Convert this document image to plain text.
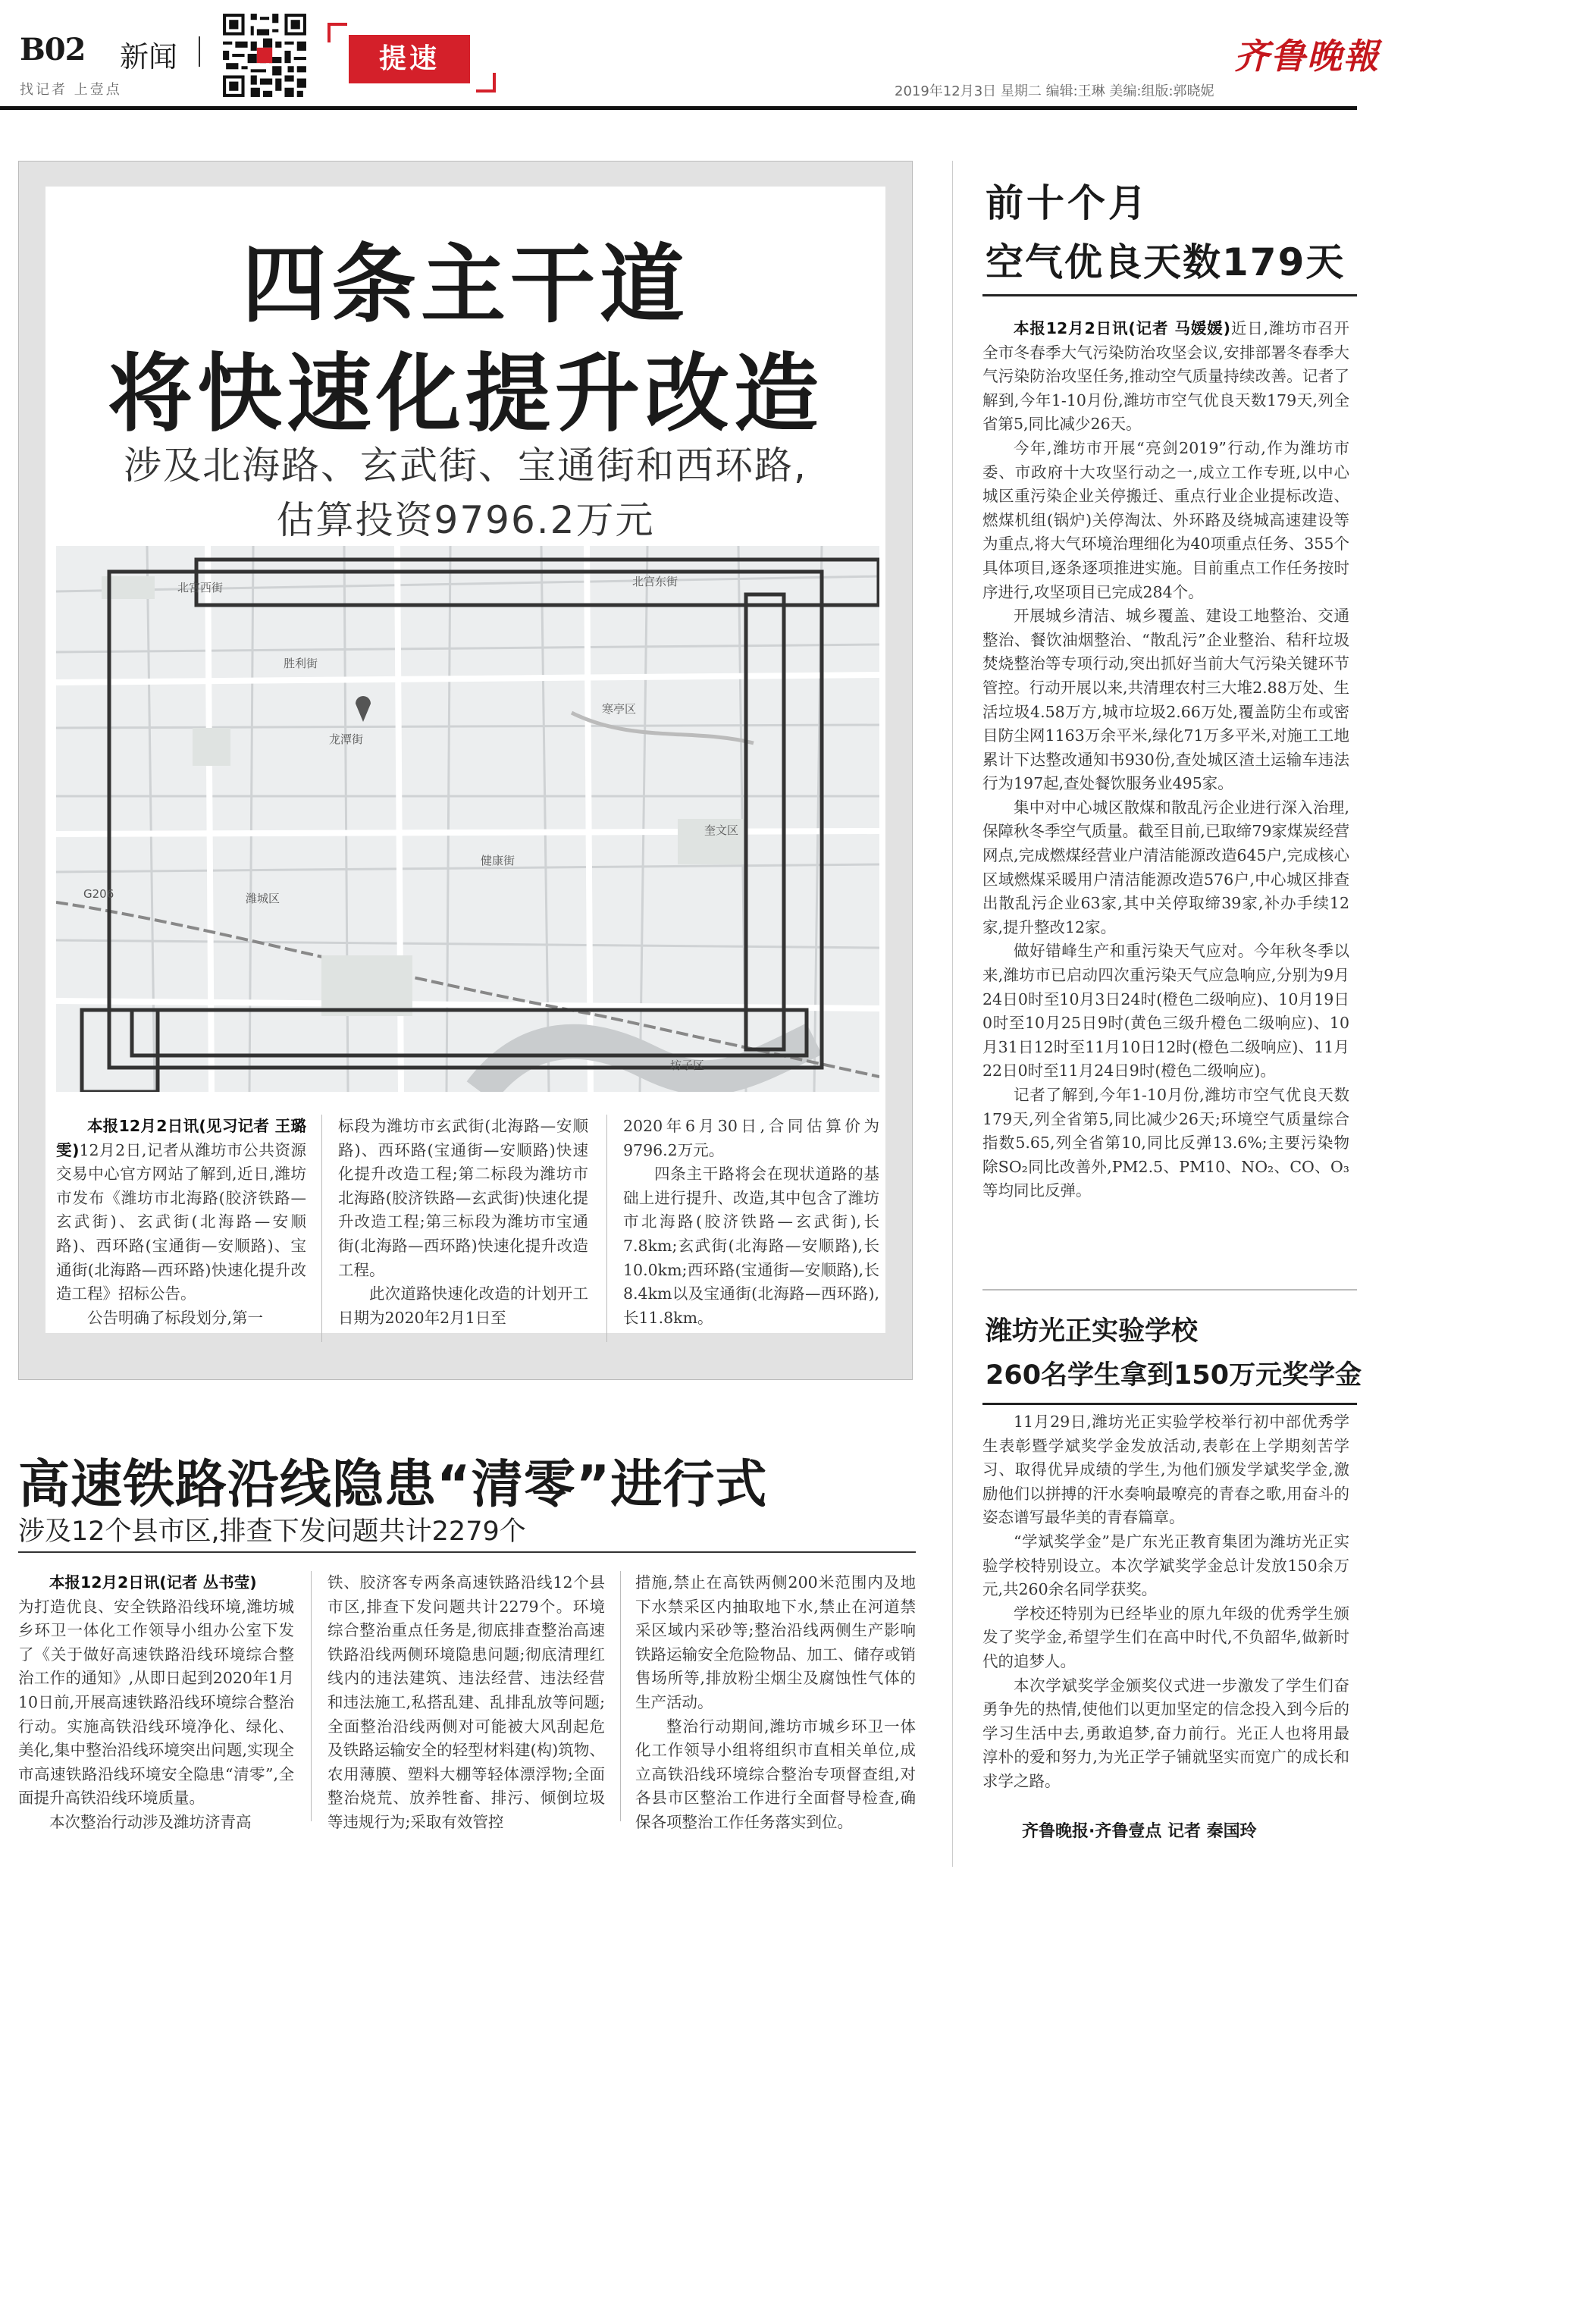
B02 新闻
找记者 上壹点
提速	齐鲁晚報
2019年12月3日 星期二 编辑:王琳 美编:组版:郭晓妮
四条主干道
将快速化提升改造
涉及北海路、玄武街、宝通街和西环路,
估算投资9796.2万元
北宫西街	北宫东街
奎文区
寒亭区
潍城区
坊子区
G206
龙潭街
健康街
胜利街

本报12月2日讯(见习记者 王璐雯)12月2日,记者从潍坊市公共资源交易中心官方网站了解到,近日,潍坊市发布《潍坊市北海路(胶济铁路—玄武街)、玄武街(北海路—安顺路)、西环路(宝通街—安顺路)、宝通街(北海路—西环路)快速化提升改造工程》招标公告。

公告明确了标段划分,第一

标段为潍坊市玄武街(北海路—安顺路)、西环路(宝通街—安顺路)快速化提升改造工程;第二标段为潍坊市北海路(胶济铁路—玄武街)快速化提升改造工程;第三标段为潍坊市宝通街(北海路—西环路)快速化提升改造工程。

此次道路快速化改造的计划开工日期为2020年2月1日至

2020年6月30日,合同估算价为9796.2万元。

四条主干路将会在现状道路的基础上进行提升、改造,其中包含了潍坊市北海路(胶济铁路—玄武街),长7.8km;玄武街(北海路—安顺路),长10.0km;西环路(宝通街—安顺路),长8.4km以及宝通街(北海路—西环路),长11.8km。

前十个月
空气优良天数179天

本报12月2日讯(记者 马媛媛)近日,潍坊市召开全市冬春季大气污染防治攻坚会议,安排部署冬春季大气污染防治攻坚任务,推动空气质量持续改善。记者了解到,今年1-10月份,潍坊市空气优良天数179天,列全省第5,同比减少26天。

今年,潍坊市开展“亮剑2019”行动,作为潍坊市委、市政府十大攻坚行动之一,成立工作专班,以中心城区重污染企业关停搬迁、重点行业企业提标改造、燃煤机组(锅炉)关停淘汰、外环路及绕城高速建设等为重点,将大气环境治理细化为40项重点任务、355个具体项目,逐条逐项推进实施。目前重点工作任务按时序进行,攻坚项目已完成284个。

开展城乡清洁、城乡覆盖、建设工地整治、交通整治、餐饮油烟整治、“散乱污”企业整治、秸秆垃圾焚烧整治等专项行动,突出抓好当前大气污染关键环节管控。行动开展以来,共清理农村三大堆2.88万处、生活垃圾4.58万方,城市垃圾2.66万处,覆盖防尘布或密目防尘网1163万余平米,绿化71万多平米,对施工工地累计下达整改通知书930份,查处城区渣土运输车违法行为197起,查处餐饮服务业495家。

集中对中心城区散煤和散乱污企业进行深入治理,保障秋冬季空气质量。截至目前,已取缔79家煤炭经营网点,完成燃煤经营业户清洁能源改造645户,完成核心区域燃煤采暖用户清洁能源改造576户,中心城区排查出散乱污企业63家,其中关停取缔39家,补办手续12家,提升整改12家。

做好错峰生产和重污染天气应对。今年秋冬季以来,潍坊市已启动四次重污染天气应急响应,分别为9月24日0时至10月3日24时(橙色二级响应)、10月19日0时至10月25日9时(黄色三级升橙色二级响应)、10月31日12时至11月10日12时(橙色二级响应)、11月22日0时至11月24日9时(橙色二级响应)。

记者了解到,今年1-10月份,潍坊市空气优良天数179天,列全省第5,同比减少26天;环境空气质量综合指数5.65,列全省第10,同比反弹13.6%;主要污染物除SO₂同比改善外,PM2.5、PM10、NO₂、CO、O₃等均同比反弹。

潍坊光正实验学校
260名学生拿到150万元奖学金

11月29日,潍坊光正实验学校举行初中部优秀学生表彰暨学斌奖学金发放活动,表彰在上学期刻苦学习、取得优异成绩的学生,为他们颁发学斌奖学金,激励他们以拼搏的汗水奏响最嘹亮的青春之歌,用奋斗的姿态谱写最华美的青春篇章。

“学斌奖学金”是广东光正教育集团为潍坊光正实验学校特别设立。本次学斌奖学金总计发放150余万元,共260余名同学获奖。

学校还特别为已经毕业的原九年级的优秀学生颁发了奖学金,希望学生们在高中时代,不负韶华,做新时代的追梦人。

本次学斌奖学金颁奖仪式进一步激发了学生们奋勇争先的热情,使他们以更加坚定的信念投入到今后的学习生活中去,勇敢追梦,奋力前行。光正人也将用最淳朴的爱和努力,为光正学子铺就坚实而宽广的成长和求学之路。

齐鲁晚报·齐鲁壹点 记者 秦国玲
高速铁路沿线隐患“清零”进行式
涉及12个县市区,排查下发问题共计2279个

本报12月2日讯(记者 丛书莹)

为打造优良、安全铁路沿线环境,潍坊城乡环卫一体化工作领导小组办公室下发了《关于做好高速铁路沿线环境综合整治工作的通知》,从即日起到2020年1月10日前,开展高速铁路沿线环境综合整治行动。实施高铁沿线环境净化、绿化、美化,集中整治沿线环境突出问题,实现全市高速铁路沿线环境安全隐患“清零”,全面提升高铁沿线环境质量。

本次整治行动涉及潍坊济青高

铁、胶济客专两条高速铁路沿线12个县市区,排查下发问题共计2279个。环境综合整治重点任务是,彻底排查整治高速铁路沿线两侧环境隐患问题;彻底清理红线内的违法建筑、违法经营、违法经营和违法施工,私搭乱建、乱排乱放等问题;全面整治沿线两侧对可能被大风刮起危及铁路运输安全的轻型材料建(构)筑物、农用薄膜、塑料大棚等轻体漂浮物;全面整治烧荒、放养牲畜、排污、倾倒垃圾等违规行为;采取有效管控

措施,禁止在高铁两侧200米范围内及地下水禁采区内抽取地下水,禁止在河道禁采区域内采砂等;整治沿线两侧生产影响铁路运输安全危险物品、加工、储存或销售场所等,排放粉尘烟尘及腐蚀性气体的生产活动。

整治行动期间,潍坊市城乡环卫一体化工作领导小组将组织市直相关单位,成立高铁沿线环境综合整治专项督查组,对各县市区整治工作进行全面督导检查,确保各项整治工作任务落实到位。
